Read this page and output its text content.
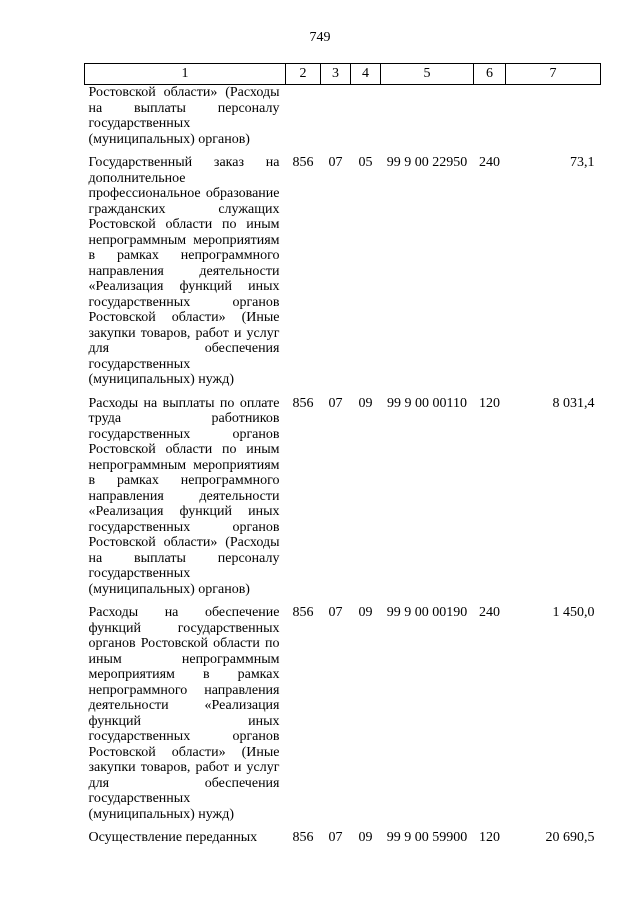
749
1	2	3	4	5	6	7
Ростовской области» (Расходы на выплаты персоналу государственных (муниципальных) органов)						
Государственный заказ на дополнительное профессиональное образование гражданских служащих Ростовской области по иным непрограммным мероприятиям в рамках непрограммного направления деятельности «Реализация функций иных государственных органов Ростовской области» (Иные закупки товаров, работ и услуг для обеспечения государственных (муниципальных) нужд)	856	07	05	99 9 00 22950	240	73,1
Расходы на выплаты по оплате труда работников государственных органов Ростовской области по иным непрограммным мероприятиям в рамках непрограммного направления деятельности «Реализация функций иных государственных органов Ростовской области» (Расходы на выплаты персоналу государственных (муниципальных) органов)	856	07	09	99 9 00 00110	120	8 031,4
Расходы на обеспечение функций государственных органов Ростовской области по иным непрограммным мероприятиям в рамках непрограммного направления деятельности «Реализация функций иных государственных органов Ростовской области» (Иные закупки товаров, работ и услуг для обеспечения государственных (муниципальных) нужд)	856	07	09	99 9 00 00190	240	1 450,0
Осуществление переданных	856	07	09	99 9 00 59900	120	20 690,5
